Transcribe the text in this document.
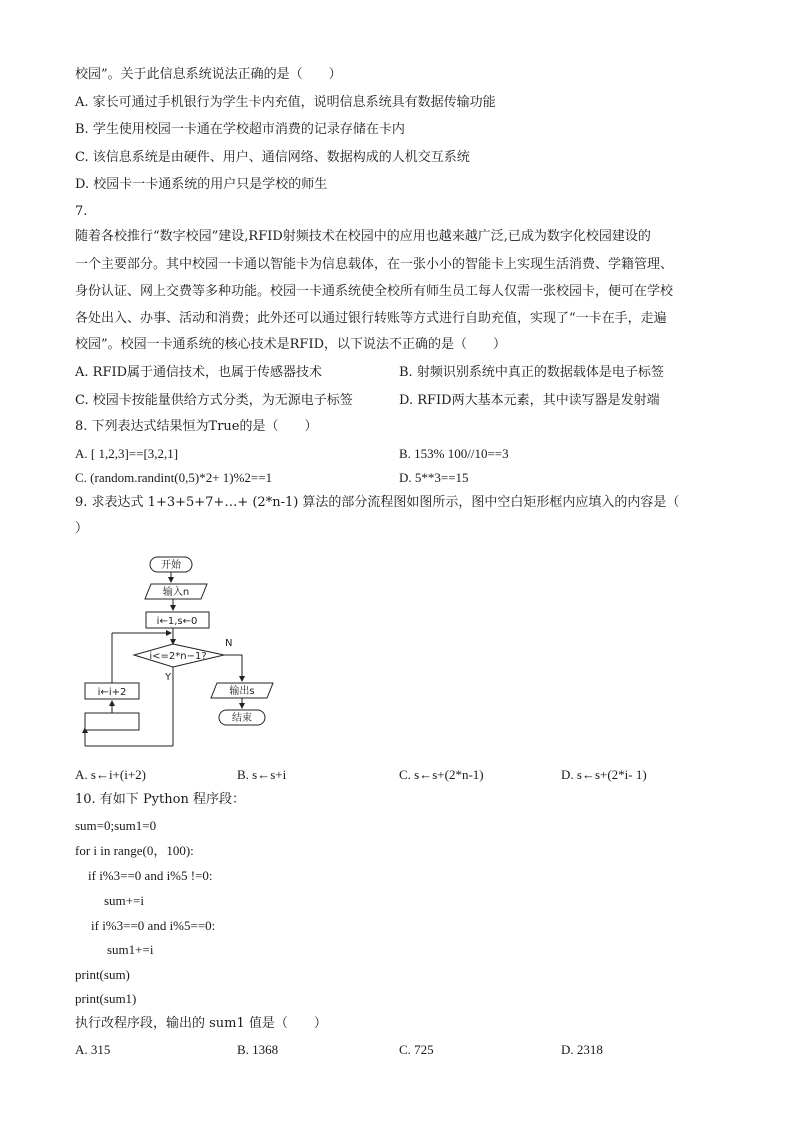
校园”。关于此信息系统说法正确的是（　　）
A. 家长可通过手机银行为学生卡内充值，说明信息系统具有数据传输功能
B. 学生使用校园一卡通在学校超市消费的记录存储在卡内
C. 该信息系统是由硬件、用户、通信网络、数据构成的人机交互系统
D. 校园卡一卡通系统的用户只是学校的师生
7.
随着各校推行“数字校园”建设,RFID射频技术在校园中的应用也越来越广泛,已成为数字化校园建设的
一个主要部分。其中校园一卡通以智能卡为信息载体，在一张小小的智能卡上实现生活消费、学籍管理、
身份认证、网上交费等多种功能。校园一卡通系统使全校所有师生员工每人仅需一张校园卡，便可在学校
各处出入、办事、活动和消费；此外还可以通过银行转账等方式进行自助充值，实现了“一卡在手，走遍
校园”。校园一卡通系统的核心技术是RFID，以下说法不正确的是（　　）
A. RFID属于通信技术，也属于传感器技术	B. 射频识别系统中真正的数据载体是电子标签
C. 校园卡按能量供给方式分类，为无源电子标签	D. RFID两大基本元素，其中读写器是发射端
8. 下列表达式结果恒为True的是（　　）
A. [ 1,2,3]==[3,2,1]	B. 153% 100//10==3
C. (random.randint(0,5)*2+ 1)%2==1	D. 5**3==15
9. 求表达式 1+3+5+7+…+ (2*n-1) 算法的部分流程图如图所示，图中空白矩形框内应填入的内容是（
）
开始
输入n
i←1,s←0
i<=2*n−1?
N
Y
输出s
结束
i←i+2
A. s←i+(i+2)	B. s←s+i	C. s←s+(2*n-1)	D. s←s+(2*i- 1)
10. 有如下 Python 程序段：
sum=0;sum1=0
for i in range(0，100):
if i%3==0 and i%5 !=0:
sum+=i
if i%3==0 and i%5==0:
sum1+=i
print(sum)
print(sum1)
执行改程序段，输出的 sum1 值是（　　）
A. 315	B. 1368	C. 725	D. 2318
